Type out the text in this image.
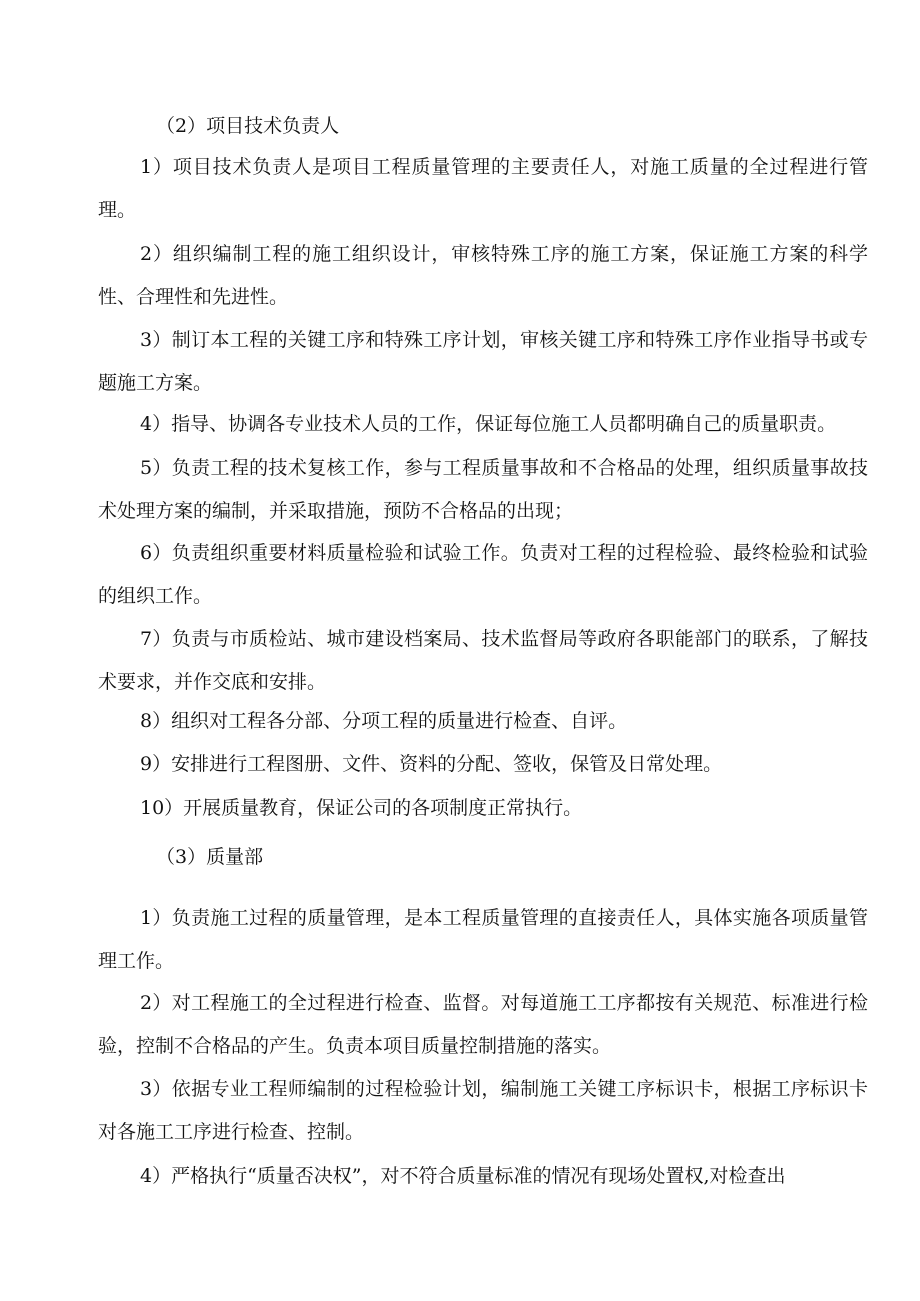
（2）项目技术负责人
1）项目技术负责人是项目工程质量管理的主要责任人，对施工质量的全过程进行管理。
2）组织编制工程的施工组织设计，审核特殊工序的施工方案，保证施工方案的科学性、合理性和先进性。
3）制订本工程的关键工序和特殊工序计划，审核关键工序和特殊工序作业指导书或专题施工方案。
4）指导、协调各专业技术人员的工作，保证每位施工人员都明确自己的质量职责。
5）负责工程的技术复核工作，参与工程质量事故和不合格品的处理，组织质量事故技术处理方案的编制，并采取措施，预防不合格品的出现；
6）负责组织重要材料质量检验和试验工作。负责对工程的过程检验、最终检验和试验的组织工作。
7）负责与市质检站、城市建设档案局、技术监督局等政府各职能部门的联系，了解技术要求，并作交底和安排。
8）组织对工程各分部、分项工程的质量进行检查、自评。
9）安排进行工程图册、文件、资料的分配、签收，保管及日常处理。
10）开展质量教育，保证公司的各项制度正常执行。
（3）质量部
1）负责施工过程的质量管理，是本工程质量管理的直接责任人，具体实施各项质量管理工作。
2）对工程施工的全过程进行检查、监督。对每道施工工序都按有关规范、标准进行检验，控制不合格品的产生。负责本项目质量控制措施的落实。
3）依据专业工程师编制的过程检验计划，编制施工关键工序标识卡，根据工序标识卡对各施工工序进行检查、控制。
4）严格执行“质量否决权”，对不符合质量标准的情况有现场处置权,对检查出
